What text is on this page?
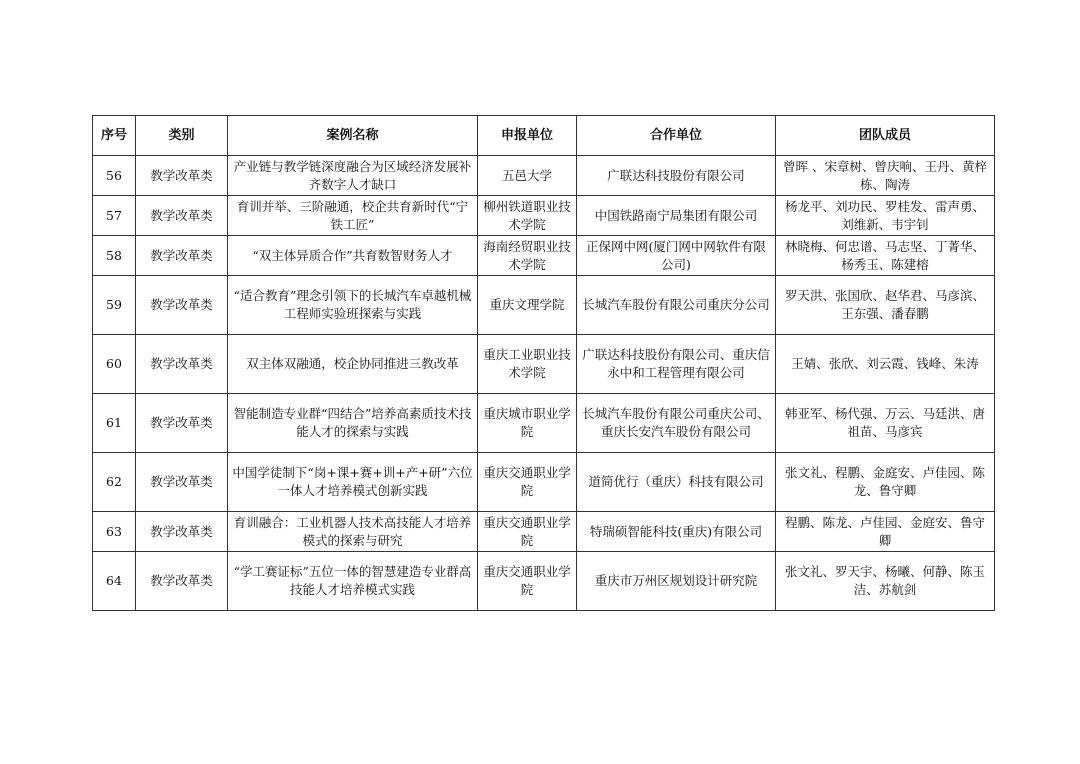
序号	类别	案例名称	申报单位	合作单位	团队成员
56	教学改革类	产业链与教学链深度融合为区域经济发展补齐数字人才缺口	五邑大学	广联达科技股份有限公司	曾晖 、宋章树、曾庆响、王丹、黄梓栋、陶涛
57	教学改革类	育训并举、三阶融通，校企共育新时代“宁铁工匠”	柳州铁道职业技术学院	中国铁路南宁局集团有限公司	杨龙平、刘功民、罗桂发、雷声勇、刘维新、韦宇钊
58	教学改革类	“双主体异质合作”共育数智财务人才	海南经贸职业技术学院	正保网中网(厦门网中网软件有限公司)	林晓梅、何忠谱、马志坚、丁菁华、杨秀玉、陈建榕
59	教学改革类	“适合教育”理念引领下的长城汽车卓越机械工程师实验班探索与实践	重庆文理学院	长城汽车股份有限公司重庆分公司	罗天洪、张国欣、赵华君、马彦滨、王东强、潘春鹏
60	教学改革类	双主体双融通，校企协同推进三教改革	重庆工业职业技术学院	广联达科技股份有限公司、重庆信永中和工程管理有限公司	王婧、张欣、刘云霞、钱峰、朱涛
61	教学改革类	智能制造专业群“四结合”培养高素质技术技能人才的探索与实践	重庆城市职业学院	长城汽车股份有限公司重庆公司、重庆长安汽车股份有限公司	韩亚军、杨代强、万云、马廷洪、唐祖苗、马彦宾
62	教学改革类	中国学徒制下“岗+课+赛+训+产+研”六位一体人才培养模式创新实践	重庆交通职业学院	道简优行（重庆）科技有限公司	张文礼、程鹏、金庭安、卢佳园、陈龙、鲁守卿
63	教学改革类	育训融合：工业机器人技术高技能人才培养模式的探索与研究	重庆交通职业学院	特瑞硕智能科技(重庆)有限公司	程鹏、陈龙、卢佳园、金庭安、鲁守卿
64	教学改革类	“学工赛证标”五位一体的智慧建造专业群高技能人才培养模式实践	重庆交通职业学院	重庆市万州区规划设计研究院	张文礼、罗天宇、杨曦、何静、陈玉洁、苏航剑
